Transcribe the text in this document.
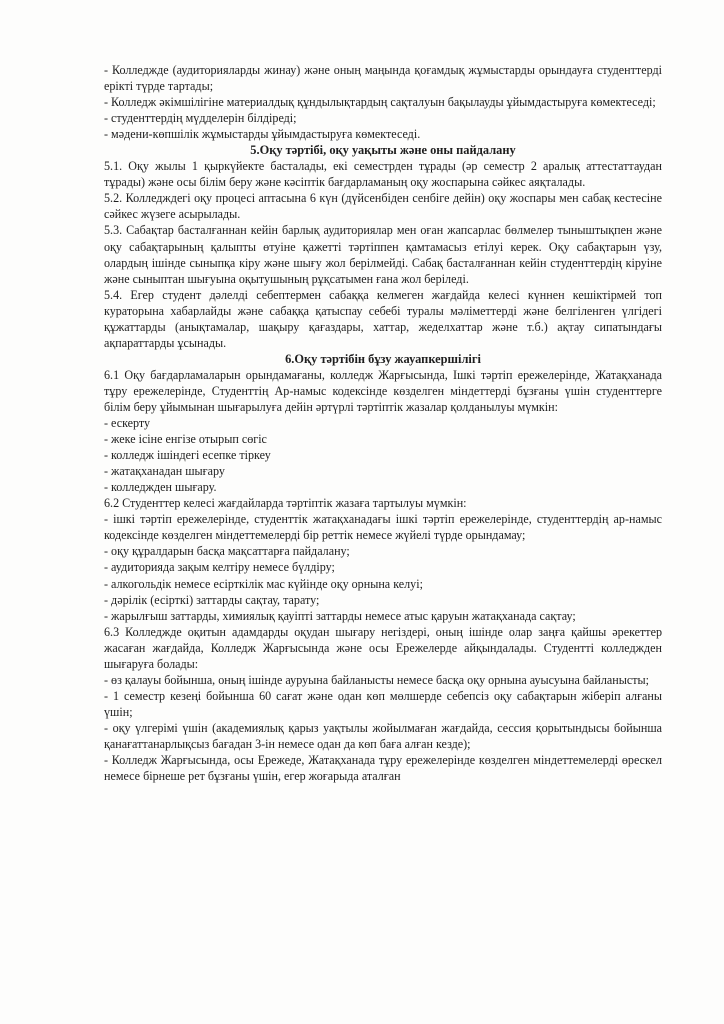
- Колледжде (аудиторияларды жинау) және оның маңында қоғамдық жұмыстарды орындауға студенттерді ерікті түрде тартады;

- Колледж әкімшілігіне материалдық құндылықтардың сақталуын бақылауды ұйымдастыруға көмектеседі;

- студенттердің мүдделерін білдіреді;

- мәдени-көпшілік жұмыстарды ұйымдастыруға көмектеседі.

5.Оқу тәртібі, оқу уақыты және оны пайдалану

5.1. Оқу жылы 1 қыркүйекте басталады, екі семестрден тұрады (әр семестр 2 аралық аттестаттаудан тұрады) және осы білім беру және кәсіптік бағдарламаның оқу жоспарына сәйкес аяқталады.

5.2. Колледждегі оқу процесі аптасына 6 күн (дүйсенбіден сенбіге дейін) оқу жоспары мен сабақ кестесіне сәйкес жүзеге асырылады.

5.3. Сабақтар басталғаннан кейін барлық аудиториялар мен оған жапсарлас бөлмелер тыныштықпен және оқу сабақтарының қалыпты өтуіне қажетті тәртіппен қамтамасыз етілуі керек. Оқу сабақтарын үзу, олардың ішінде сыныпқа кіру және шығу жол берілмейді. Сабақ басталғаннан кейін студенттердің кіруіне және сыныптан шығуына оқытушының рұқсатымен ғана жол беріледі.

5.4. Егер студент дәлелді себептермен сабаққа келмеген жағдайда келесі күннен кешіктірмей топ кураторына хабарлайды және сабаққа қатыспау себебі туралы мәліметтерді және белгіленген үлгідегі құжаттарды (анықтамалар, шақыру қағаздары, хаттар, жеделхаттар және т.б.) ақтау сипатындағы ақпараттарды ұсынады.

6.Оқу тәртібін бұзу жауапкершілігі

6.1 Оқу бағдарламаларын орындамағаны, колледж Жарғысында, Ішкі тәртіп ережелерінде, Жатақханада тұру ережелерінде, Студенттің Ар-намыс кодексінде көзделген міндеттерді бұзғаны үшін студенттерге білім беру ұйымынан шығарылуға дейін әртүрлі тәртіптік жазалар қолданылуы мүмкін:

- ескерту

- жеке ісіне енгізе отырып сөгіс

- колледж ішіндегі есепке тіркеу

- жатақханадан шығару

- колледжден шығару.

6.2 Студенттер келесі жағдайларда тәртіптік жазаға тартылуы мүмкін:

- ішкі тәртіп ережелерінде, студенттік жатақханадағы ішкі тәртіп ережелерінде, студенттердің ар-намыс кодексінде көзделген міндеттемелерді бір реттік немесе жүйелі түрде орындамау;

- оқу құралдарын басқа мақсаттарға пайдалану;

- аудиторияда зақым келтіру немесе бүлдіру;

- алкогольдік немесе есірткілік мас күйінде оқу орнына келуі;

- дәрілік (есірткі) заттарды сақтау, тарату;

- жарылғыш заттарды, химиялық қауіпті заттарды немесе атыс қаруын жатақханада сақтау;

6.3 Колледжде оқитын адамдарды оқудан шығару негіздері, оның ішінде олар заңға қайшы әрекеттер жасаған жағдайда, Колледж Жарғысында және осы Ережелерде айқындалады. Студентті колледжден шығаруға болады:

- өз қалауы бойынша, оның ішінде ауруына байланысты немесе басқа оқу орнына ауысуына байланысты;

- 1 семестр кезеңі бойынша 60 сағат және одан көп мөлшерде себепсіз оқу сабақтарын жіберіп алғаны үшін;

- оқу үлгерімі үшін (академиялық қарыз уақтылы жойылмаған жағдайда, сессия қорытындысы бойынша қанағаттанарлықсыз бағадан 3-ін немесе одан да көп баға алған кезде);

- Колледж Жарғысында, осы Ережеде, Жатақханада тұру ережелерінде көзделген міндеттемелерді өрескел немесе бірнеше рет бұзғаны үшін, егер жоғарыда аталған
